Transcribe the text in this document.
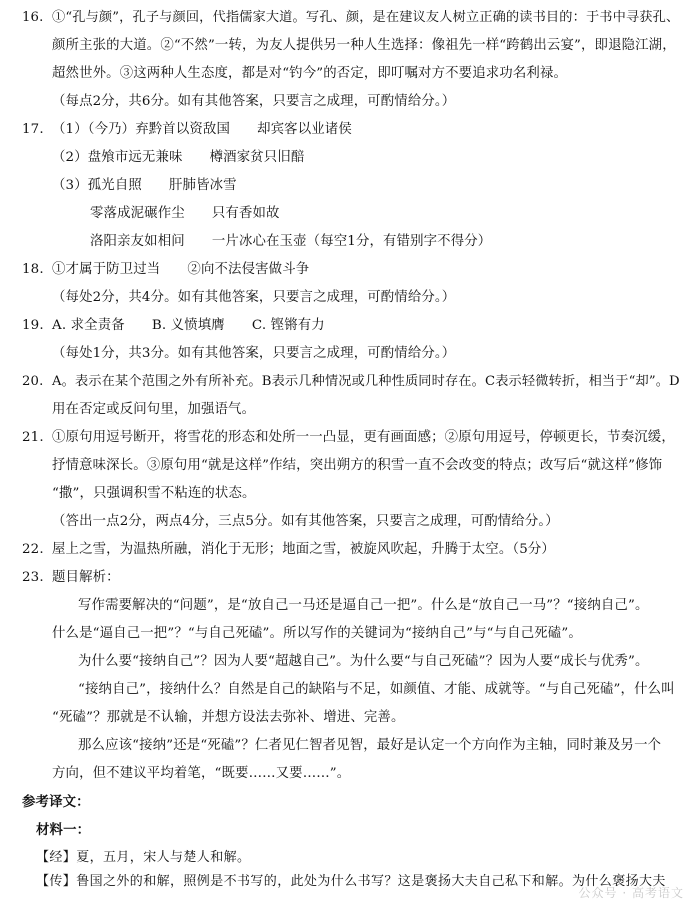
16. ①“孔与颜”，孔子与颜回，代指儒家大道。写孔、颜，是在建议友人树立正确的读书目的：于书中寻获孔、
颜所主张的大道。②“不然”一转，为友人提供另一种人生选择：像祖先一样“跨鹤出云宴”，即退隐江湖，
超然世外。③这两种人生态度，都是对“钓今”的否定，即叮嘱对方不要追求功名利禄。
（每点2分，共6分。如有其他答案，只要言之成理，可酌情给分。）
17. （1）（今乃）弃黔首以资敌国　　却宾客以业诸侯
（2）盘飧市远无兼味　　樽酒家贫只旧醅
（3）孤光自照　　肝肺皆冰雪
零落成泥碾作尘　　只有香如故
洛阳亲友如相问　　一片冰心在玉壶（每空1分，有错别字不得分）
18. ①才属于防卫过当　　②向不法侵害做斗争
（每处2分，共4分。如有其他答案，只要言之成理，可酌情给分。）
19. A. 求全责备　　B. 义愤填膺　　C. 铿锵有力
（每处1分，共3分。如有其他答案，只要言之成理，可酌情给分。）
20. A。表示在某个范围之外有所补充。B表示几种情况或几种性质同时存在。C表示轻微转折，相当于“却”。D
用在否定或反问句里，加强语气。
21. ①原句用逗号断开，将雪花的形态和处所一一凸显，更有画面感；②原句用逗号，停顿更长，节奏沉缓，
抒情意味深长。③原句用“就是这样”作结，突出朔方的积雪一直不会改变的特点；改写后“就这样”修饰
“撒”，只强调积雪不粘连的状态。
（答出一点2分，两点4分，三点5分。如有其他答案，只要言之成理，可酌情给分。）
22. 屋上之雪，为温热所融，消化于无形；地面之雪，被旋风吹起，升腾于太空。（5分）
23. 题目解析：
写作需要解决的“问题”，是“放自己一马还是逼自己一把”。什么是“放自己一马”？“接纳自己”。
什么是“逼自己一把”？“与自己死磕”。所以写作的关键词为“接纳自己”与“与自己死磕”。
为什么要“接纳自己”？因为人要“超越自己”。为什么要“与自己死磕”？因为人要“成长与优秀”。
“接纳自己”，接纳什么？自然是自己的缺陷与不足，如颜值、才能、成就等。“与自己死磕”，什么叫
“死磕”？那就是不认输，并想方设法去弥补、增进、完善。
那么应该“接纳”还是“死磕”？仁者见仁智者见智，最好是认定一个方向作为主轴，同时兼及另一个
方向，但不建议平均着笔，“既要……又要……”。
参考译文：
材料一：
【经】夏，五月，宋人与楚人和解。
【传】鲁国之外的和解，照例是不书写的，此处为什么书写？这是褒扬大夫自己私下和解。为什么褒扬大夫
公众号 · 高考语文
